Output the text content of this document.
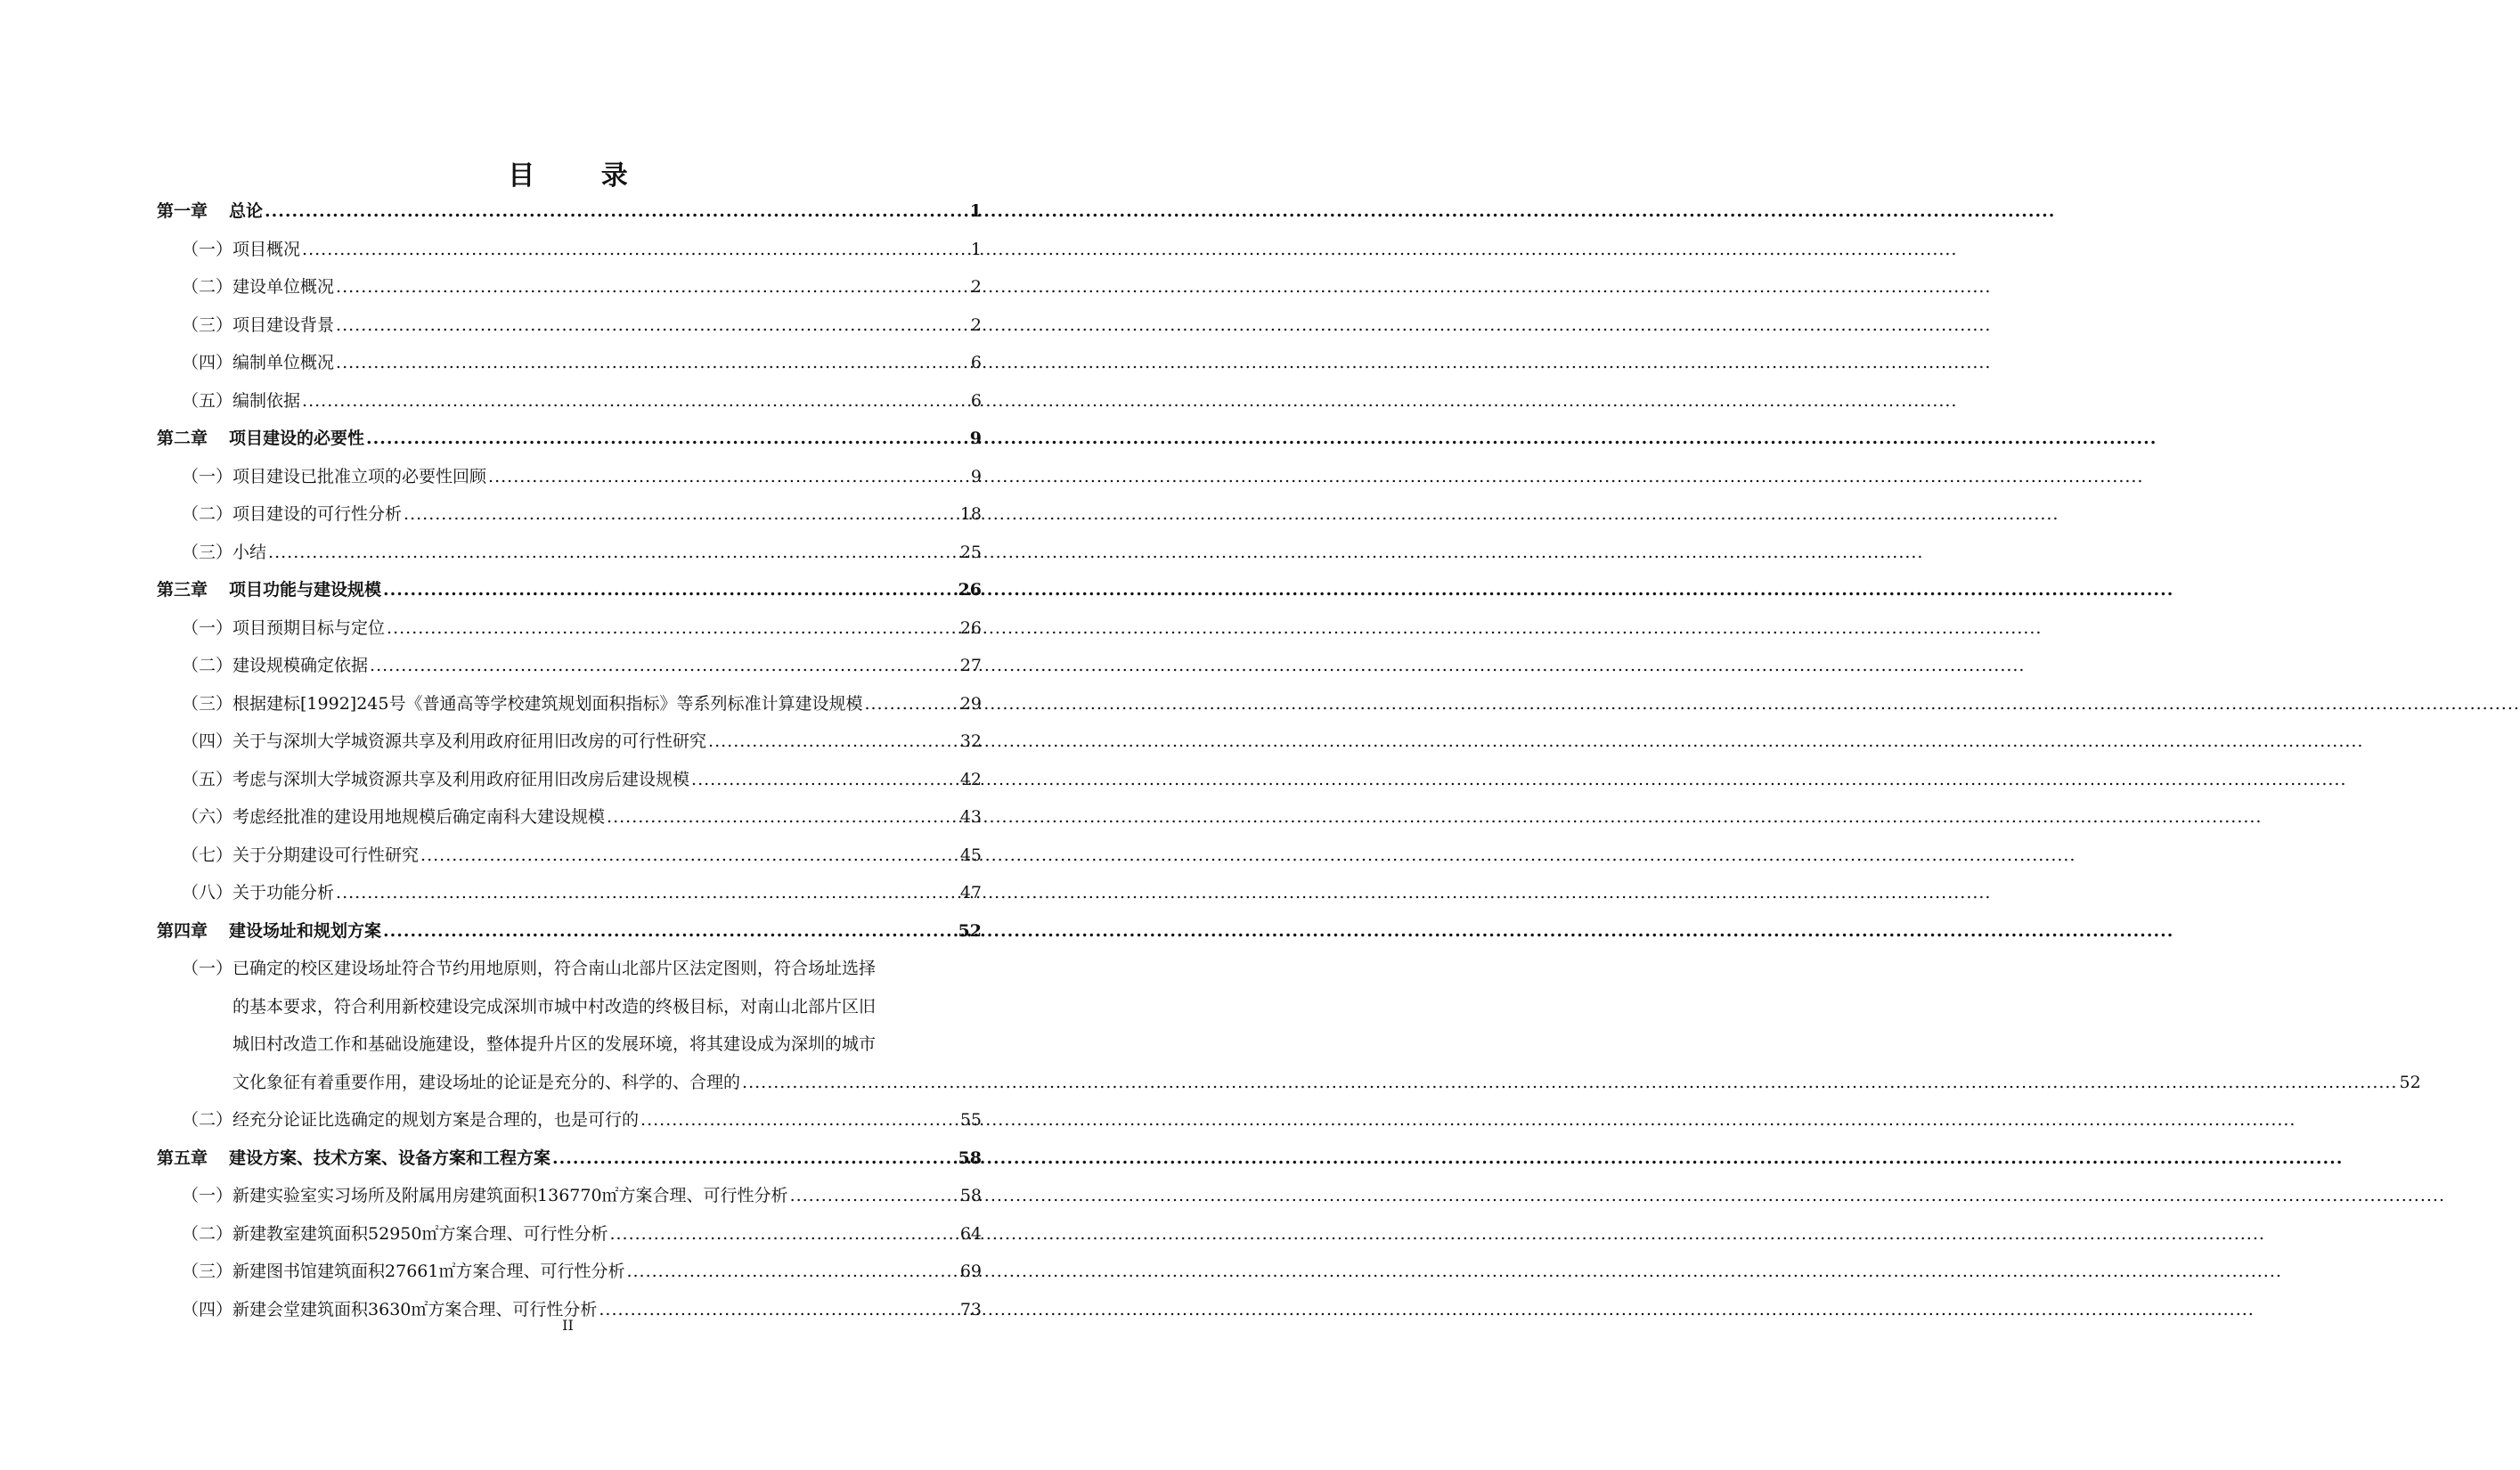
目 录
第一章	总论 .....	1
（一） 项目概况 .....	1
（二） 建设单位概况 .....	2
（三） 项目建设背景 .....	2
（四） 编制单位概况 .....	6
（五） 编制依据 .....	6
第二章	项目建设的必要性 .....	9
（一） 项目建设已批准立项的必要性回顾 .....	9
（二） 项目建设的可行性分析 .....	18
（三） 小结 .....	25
第三章	项目功能与建设规模 .....	26
（一） 项目预期目标与定位 .....	26
（二） 建设规模确定依据 .....	27
（三） 根据建标[1992]245号《普通高等学校建筑规划面积指标》等系列标准计算建设规模 .....	29
（四） 关于与深圳大学城资源共享及利用政府征用旧改房的可行性研究 .....	32
（五） 考虑与深圳大学城资源共享及利用政府征用旧改房后建设规模 .....	42
（六） 考虑经批准的建设用地规模后确定南科大建设规模 .....	43
（七） 关于分期建设可行性研究 .....	45
（八） 关于功能分析 .....	47
第四章	建设场址和规划方案 .....	52
（一） 已确定的校区建设场址符合节约用地原则，符合南山北部片区法定图则，符合场址选择
的基本要求，符合利用新校建设完成深圳市城中村改造的终极目标，对南山北部片区旧
城旧村改造工作和基础设施建设，整体提升片区的发展环境，将其建设成为深圳的城市
文化象征有着重要作用，建设场址的论证是充分的、科学的、合理的 .....	52
（二） 经充分论证比选确定的规划方案是合理的，也是可行的 .....	55
第五章	建设方案、技术方案、设备方案和工程方案 .....	58
（一） 新建实验室实习场所及附属用房建筑面积136770㎡方案合理、可行性分析 .....	58
（二） 新建教室建筑面积52950㎡方案合理、可行性分析 .....	64
（三） 新建图书馆建筑面积27661㎡方案合理、可行性分析 .....	69
（四） 新建会堂建筑面积3630㎡方案合理、可行性分析 .....	73
II
